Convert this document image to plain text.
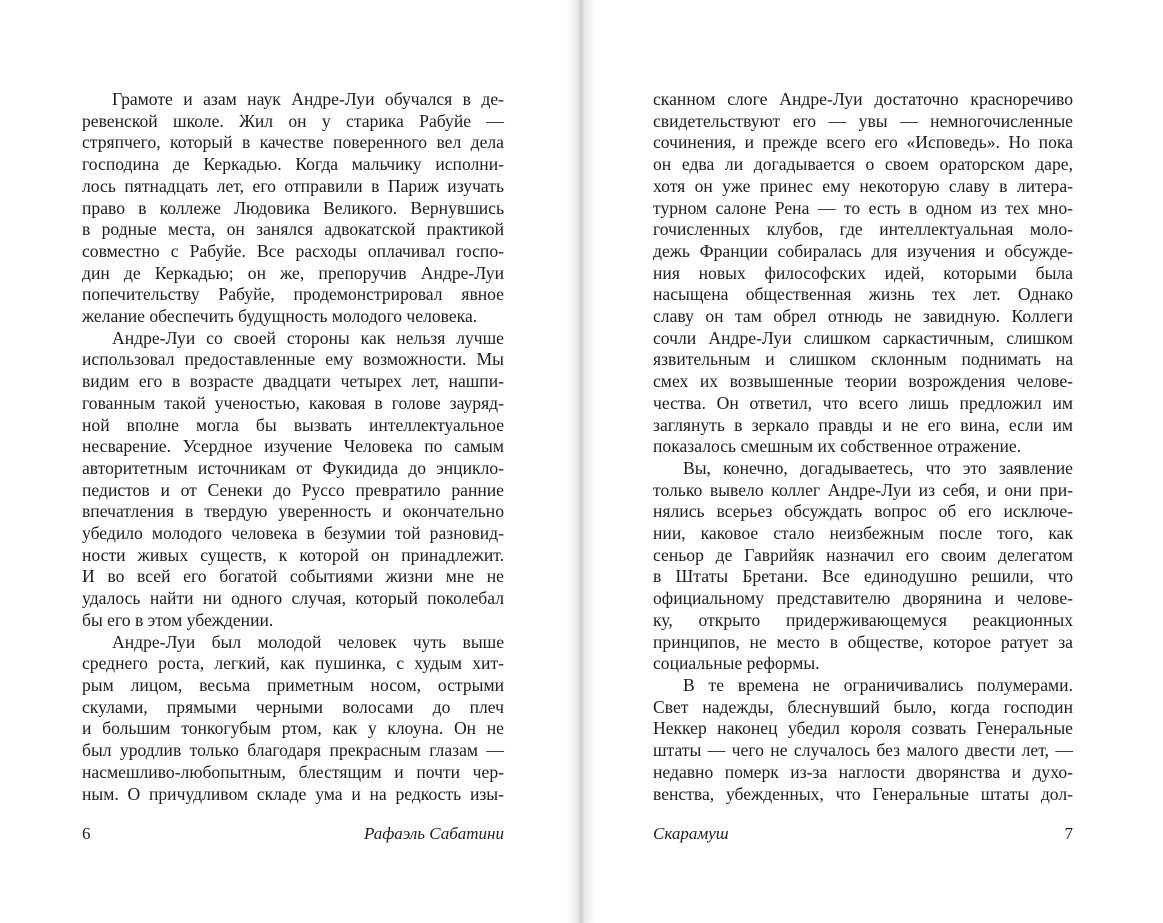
Грамоте и азам наук Андре-Луи обучался в де-
ревенской школе. Жил он у старика Рабуйе —
стряпчего, который в качестве поверенного вел дела
господина де Керкадью. Когда мальчику исполни-
лось пятнадцать лет, его отправили в Париж изучать
право в коллеже Людовика Великого. Вернувшись
в родные места, он занялся адвокатской практикой
совместно с Рабуйе. Все расходы оплачивал госпо-
дин де Керкадью; он же, препоручив Андре-Луи
попечительству Рабуйе, продемонстрировал явное
желание обеспечить будущность молодого человека.
Андре-Луи со своей стороны как нельзя лучше
использовал предоставленные ему возможности. Мы
видим его в возрасте двадцати четырех лет, нашпи-
гованным такой ученостью, каковая в голове зауряд-
ной вполне могла бы вызвать интеллектуальное
несварение. Усердное изучение Человека по самым
авторитетным источникам от Фукидида до энцикло-
педистов и от Сенеки до Руссо превратило ранние
впечатления в твердую уверенность и окончательно
убедило молодого человека в безумии той разновид-
ности живых существ, к которой он принадлежит.
И во всей его богатой событиями жизни мне не
удалось найти ни одного случая, который поколебал
бы его в этом убеждении.
Андре-Луи был молодой человек чуть выше
среднего роста, легкий, как пушинка, с худым хит-
рым лицом, весьма приметным носом, острыми
скулами, прямыми черными волосами до плеч
и большим тонкогубым ртом, как у клоуна. Он не
был уродлив только благодаря прекрасным глазам —
насмешливо-любопытным, блестящим и почти чер-
ным. О причудливом складе ума и на редкость изы-
6	Рафаэль Сабатини
сканном слоге Андре-Луи достаточно красноречиво
свидетельствуют его — увы — немногочисленные
сочинения, и прежде всего его «Исповедь». Но пока
он едва ли догадывается о своем ораторском даре,
хотя он уже принес ему некоторую славу в литера-
турном салоне Рена — то есть в одном из тех мно-
гочисленных клубов, где интеллектуальная моло-
дежь Франции собиралась для изучения и обсужде-
ния новых философских идей, которыми была
насыщена общественная жизнь тех лет. Однако
славу он там обрел отнюдь не завидную. Коллеги
сочли Андре-Луи слишком саркастичным, слишком
язвительным и слишком склонным поднимать на
смех их возвышенные теории возрождения челове-
чества. Он ответил, что всего лишь предложил им
заглянуть в зеркало правды и не его вина, если им
показалось смешным их собственное отражение.
Вы, конечно, догадываетесь, что это заявление
только вывело коллег Андре-Луи из себя, и они при-
нялись всерьез обсуждать вопрос об его исключе-
нии, каковое стало неизбежным после того, как
сеньор де Гаврийяк назначил его своим делегатом
в Штаты Бретани. Все единодушно решили, что
официальному представителю дворянина и челове-
ку, открыто придерживающемуся реакционных
принципов, не место в обществе, которое ратует за
социальные реформы.
В те времена не ограничивались полумерами.
Свет надежды, блеснувший было, когда господин
Неккер наконец убедил короля созвать Генеральные
штаты — чего не случалось без малого двести лет, —
недавно померк из-за наглости дворянства и духо-
венства, убежденных, что Генеральные штаты дол-
Скарамуш	7
